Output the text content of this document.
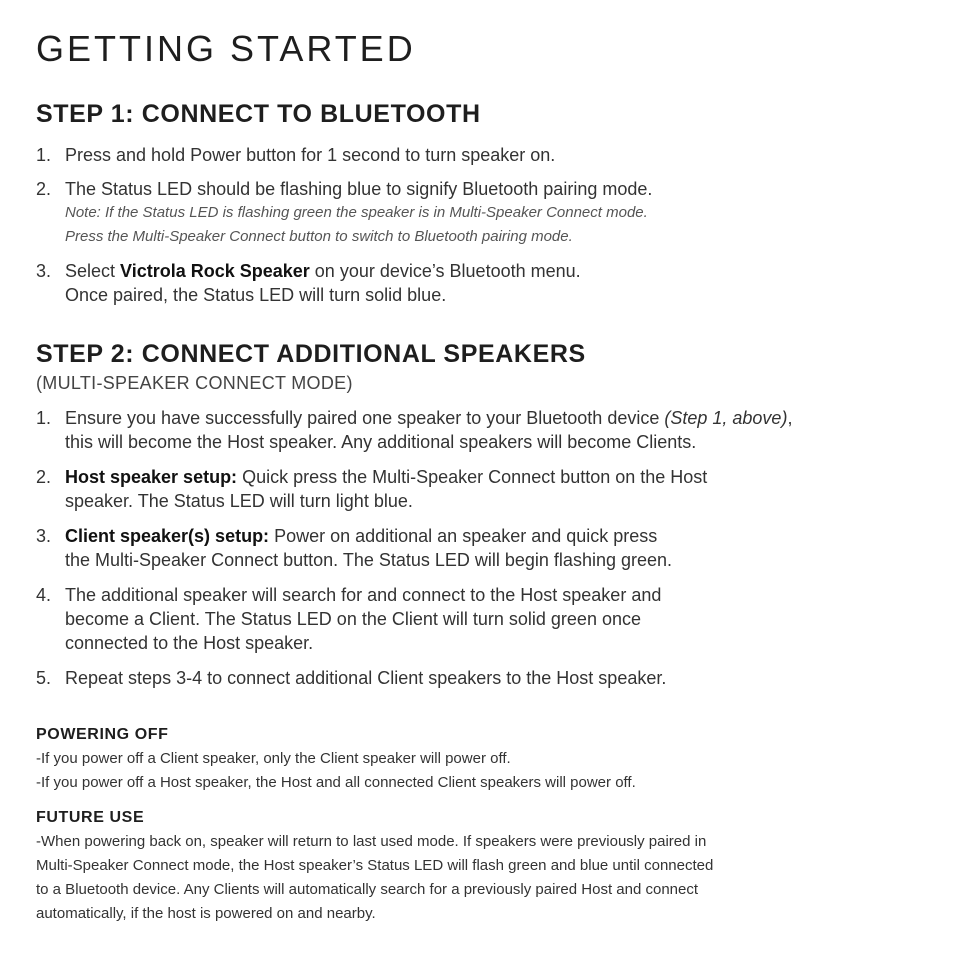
GETTING STARTED
STEP 1: CONNECT TO BLUETOOTH
1. Press and hold Power button for 1 second to turn speaker on.
2. The Status LED should be flashing blue to signify Bluetooth pairing mode.
Note: If the Status LED is flashing green the speaker is in Multi-Speaker Connect mode.
Press the Multi-Speaker Connect button to switch to Bluetooth pairing mode.
3. Select Victrola Rock Speaker on your device’s Bluetooth menu.
Once paired, the Status LED will turn solid blue.
STEP 2: CONNECT ADDITIONAL SPEAKERS

(MULTI-SPEAKER CONNECT MODE)

1. Ensure you have successfully paired one speaker to your Bluetooth device (Step 1, above),
this will become the Host speaker. Any additional speakers will become Clients.
2. Host speaker setup: Quick press the Multi-Speaker Connect button on the Host
speaker. The Status LED will turn light blue.
3. Client speaker(s) setup: Power on additional an speaker and quick press
the Multi-Speaker Connect button. The Status LED will begin flashing green.
4. The additional speaker will search for and connect to the Host speaker and
become a Client. The Status LED on the Client will turn solid green once
connected to the Host speaker.
5. Repeat steps 3-4 to connect additional Client speakers to the Host speaker.
POWERING OFF
-If you power off a Client speaker, only the Client speaker will power off.
-If you power off a Host speaker, the Host and all connected Client speakers will power off.
FUTURE USE
-When powering back on, speaker will return to last used mode. If speakers were previously paired in
Multi-Speaker Connect mode, the Host speaker’s Status LED will flash green and blue until connected
to a Bluetooth device. Any Clients will automatically search for a previously paired Host and connect
automatically, if the host is powered on and nearby.
